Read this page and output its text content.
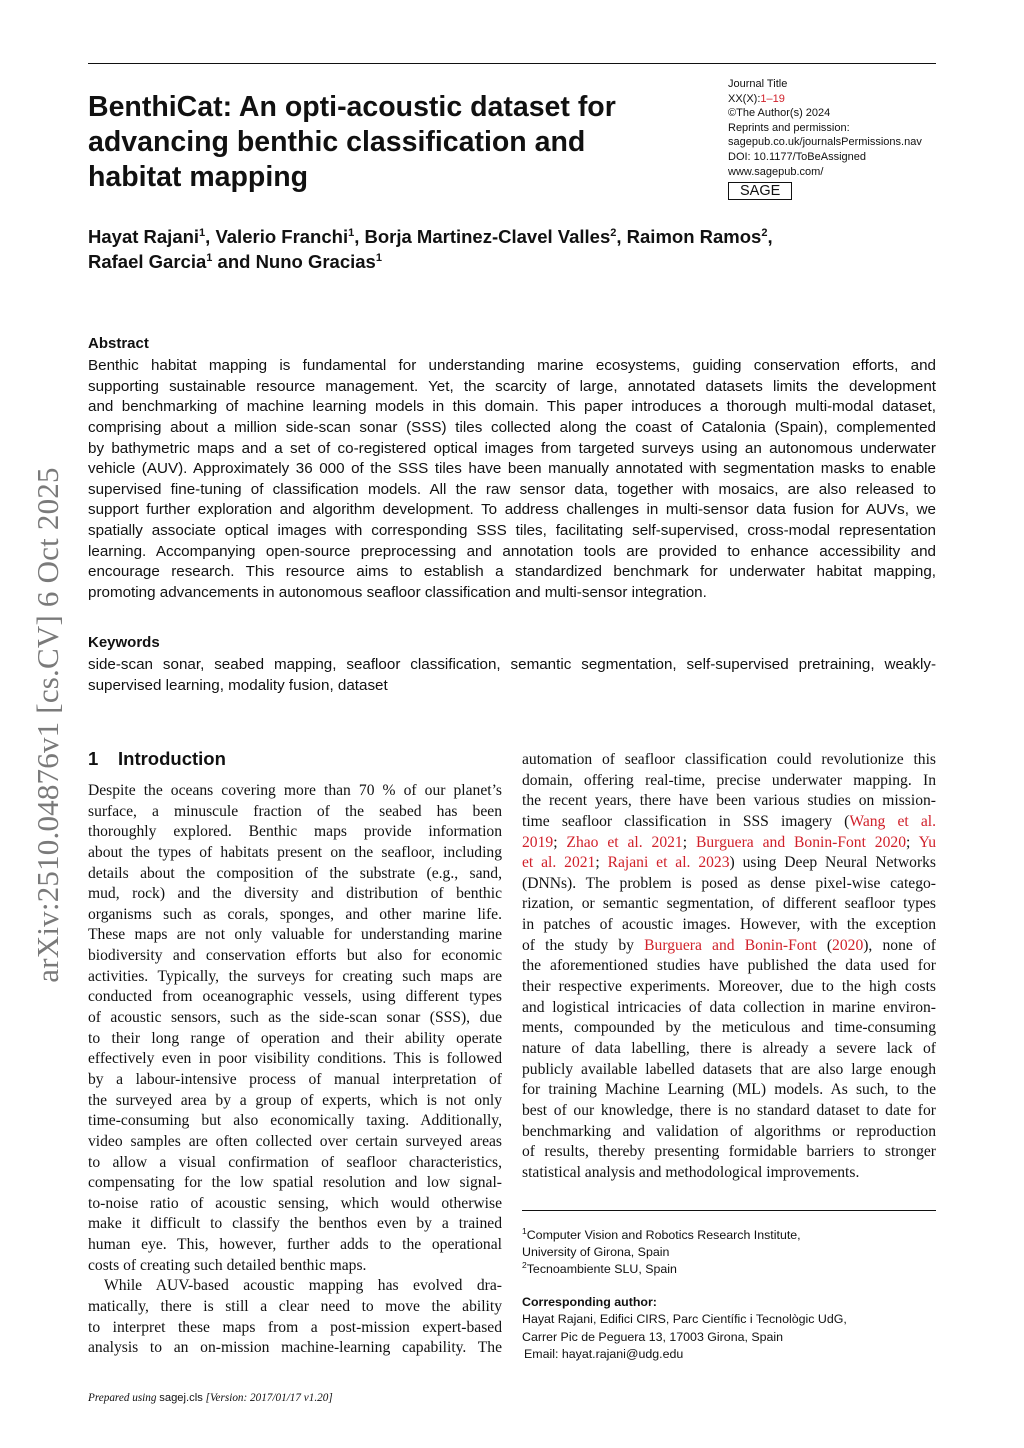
arXiv:2510.04876v1 [cs.CV] 6 Oct 2025
BenthiCat: An opti-acoustic dataset for
advancing benthic classification and
habitat mapping
Journal Title
XX(X):1–19
©The Author(s) 2024
Reprints and permission:
sagepub.co.uk/journalsPermissions.nav
DOI: 10.1177/ToBeAssigned
www.sagepub.com/
SAGE
Hayat Rajani$^1$, Valerio Franchi$^1$, Borja Martinez-Clavel Valles$^2$, Raimon Ramos$^2$,
Rafael Garcia$^1$ and Nuno Gracias$^1$
Abstract
Benthic habitat mapping is fundamental for understanding marine ecosystems, guiding conservation efforts, and
supporting sustainable resource management. Yet, the scarcity of large, annotated datasets limits the development
and benchmarking of machine learning models in this domain. This paper introduces a thorough multi-modal dataset,
comprising about a million side-scan sonar (SSS) tiles collected along the coast of Catalonia (Spain), complemented
by bathymetric maps and a set of co-registered optical images from targeted surveys using an autonomous underwater
vehicle (AUV). Approximately 36 000 of the SSS tiles have been manually annotated with segmentation masks to enable
supervised fine-tuning of classification models. All the raw sensor data, together with mosaics, are also released to
support further exploration and algorithm development. To address challenges in multi-sensor data fusion for AUVs, we
spatially associate optical images with corresponding SSS tiles, facilitating self-supervised, cross-modal representation
learning. Accompanying open-source preprocessing and annotation tools are provided to enhance accessibility and
encourage research. This resource aims to establish a standardized benchmark for underwater habitat mapping,
promoting advancements in autonomous seafloor classification and multi-sensor integration.
Keywords
side-scan sonar, seabed mapping, seafloor classification, semantic segmentation, self-supervised pretraining, weakly-
supervised learning, modality fusion, dataset
1 Introduction
Despite the oceans covering more than 70 % of our planet’s
surface, a minuscule fraction of the seabed has been
thoroughly explored. Benthic maps provide information
about the types of habitats present on the seafloor, including
details about the composition of the substrate (e.g., sand,
mud, rock) and the diversity and distribution of benthic
organisms such as corals, sponges, and other marine life.
These maps are not only valuable for understanding marine
biodiversity and conservation efforts but also for economic
activities. Typically, the surveys for creating such maps are
conducted from oceanographic vessels, using different types
of acoustic sensors, such as the side-scan sonar (SSS), due
to their long range of operation and their ability operate
effectively even in poor visibility conditions. This is followed
by a labour-intensive process of manual interpretation of
the surveyed area by a group of experts, which is not only
time-consuming but also economically taxing. Additionally,
video samples are often collected over certain surveyed areas
to allow a visual confirmation of seafloor characteristics,
compensating for the low spatial resolution and low signal-
to-noise ratio of acoustic sensing, which would otherwise
make it difficult to classify the benthos even by a trained
human eye. This, however, further adds to the operational
costs of creating such detailed benthic maps.
While AUV-based acoustic mapping has evolved dra-
matically, there is still a clear need to move the ability
to interpret these maps from a post-mission expert-based
analysis to an on-mission machine-learning capability. The
automation of seafloor classification could revolutionize this
domain, offering real-time, precise underwater mapping. In
the recent years, there have been various studies on mission-
time seafloor classification in SSS imagery (Wang et al.
2019; Zhao et al. 2021; Burguera and Bonin-Font 2020; Yu
et al. 2021; Rajani et al. 2023) using Deep Neural Networks
(DNNs). The problem is posed as dense pixel-wise catego-
rization, or semantic segmentation, of different seafloor types
in patches of acoustic images. However, with the exception
of the study by Burguera and Bonin-Font (2020), none of
the aforementioned studies have published the data used for
their respective experiments. Moreover, due to the high costs
and logistical intricacies of data collection in marine environ-
ments, compounded by the meticulous and time-consuming
nature of data labelling, there is already a severe lack of
publicly available labelled datasets that are also large enough
for training Machine Learning (ML) models. As such, to the
best of our knowledge, there is no standard dataset to date for
benchmarking and validation of algorithms or reproduction
of results, thereby presenting formidable barriers to stronger
statistical analysis and methodological improvements.
$^1$Computer Vision and Robotics Research Institute,
University of Girona, Spain
$^2$Tecnoambiente SLU, Spain
Corresponding author:
Hayat Rajani, Edifici CIRS, Parc Científic i Tecnològic UdG,
Carrer Pic de Peguera 13, 17003 Girona, Spain
Email: hayat.rajani@udg.edu
Prepared using sagej.cls [Version: 2017/01/17 v1.20]
